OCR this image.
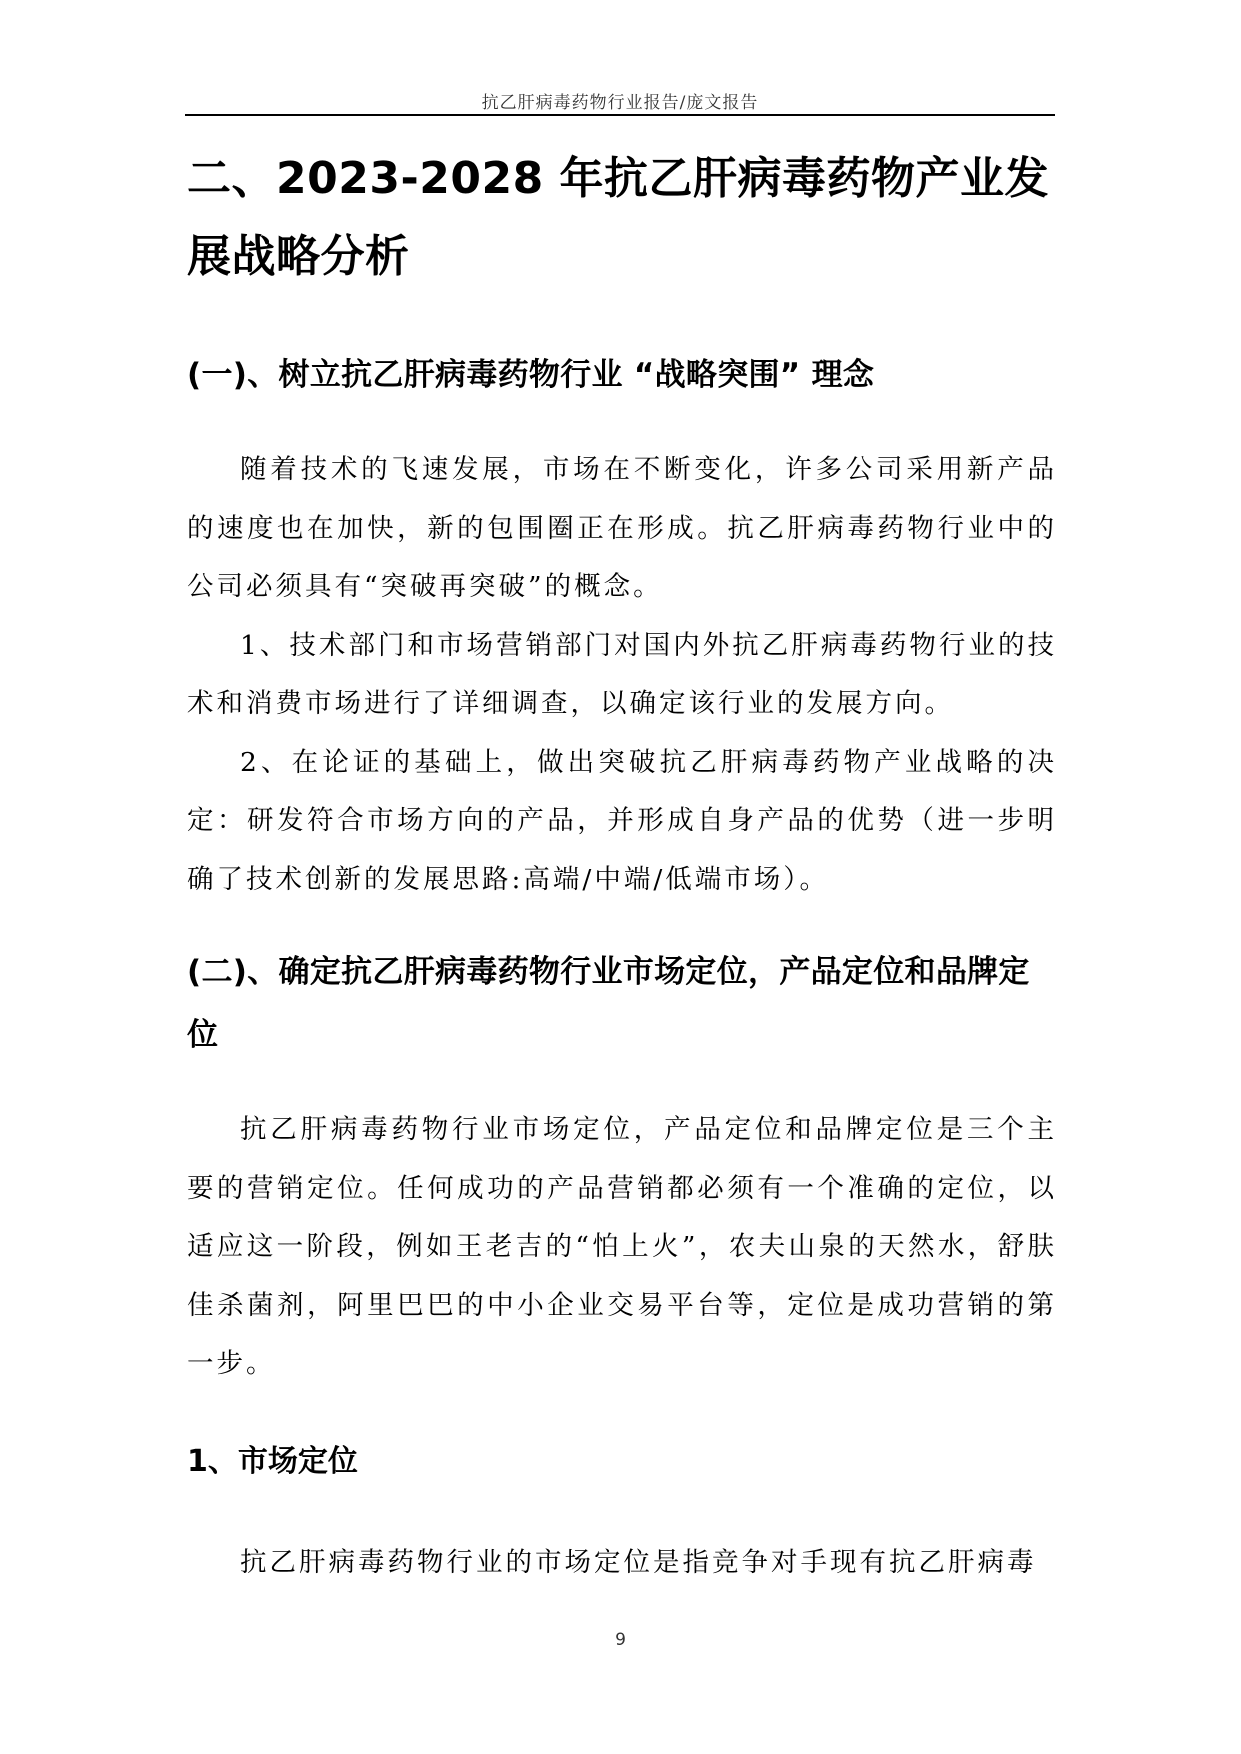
抗乙肝病毒药物行业报告/庞文报告
二、2023-2028 年抗乙肝病毒药物产业发展战略分析
(一)、树立抗乙肝病毒药物行业 “战略突围” 理念

随着技术的飞速发展，市场在不断变化，许多公司采用新产品的速度也在加快，新的包围圈正在形成。抗乙肝病毒药物行业中的公司必须具有“突破再突破”的概念。

1、技术部门和市场营销部门对国内外抗乙肝病毒药物行业的技术和消费市场进行了详细调查，以确定该行业的发展方向。

2、在论证的基础上，做出突破抗乙肝病毒药物产业战略的决定：研发符合市场方向的产品，并形成自身产品的优势（进一步明确了技术创新的发展思路:高端/中端/低端市场）。

(二)、确定抗乙肝病毒药物行业市场定位，产品定位和品牌定位

抗乙肝病毒药物行业市场定位，产品定位和品牌定位是三个主要的营销定位。任何成功的产品营销都必须有一个准确的定位，以适应这一阶段，例如王老吉的“怕上火”，农夫山泉的天然水，舒肤佳杀菌剂，阿里巴巴的中小企业交易平台等，定位是成功营销的第一步。

1、市场定位

抗乙肝病毒药物行业的市场定位是指竞争对手现有抗乙肝病毒

9
